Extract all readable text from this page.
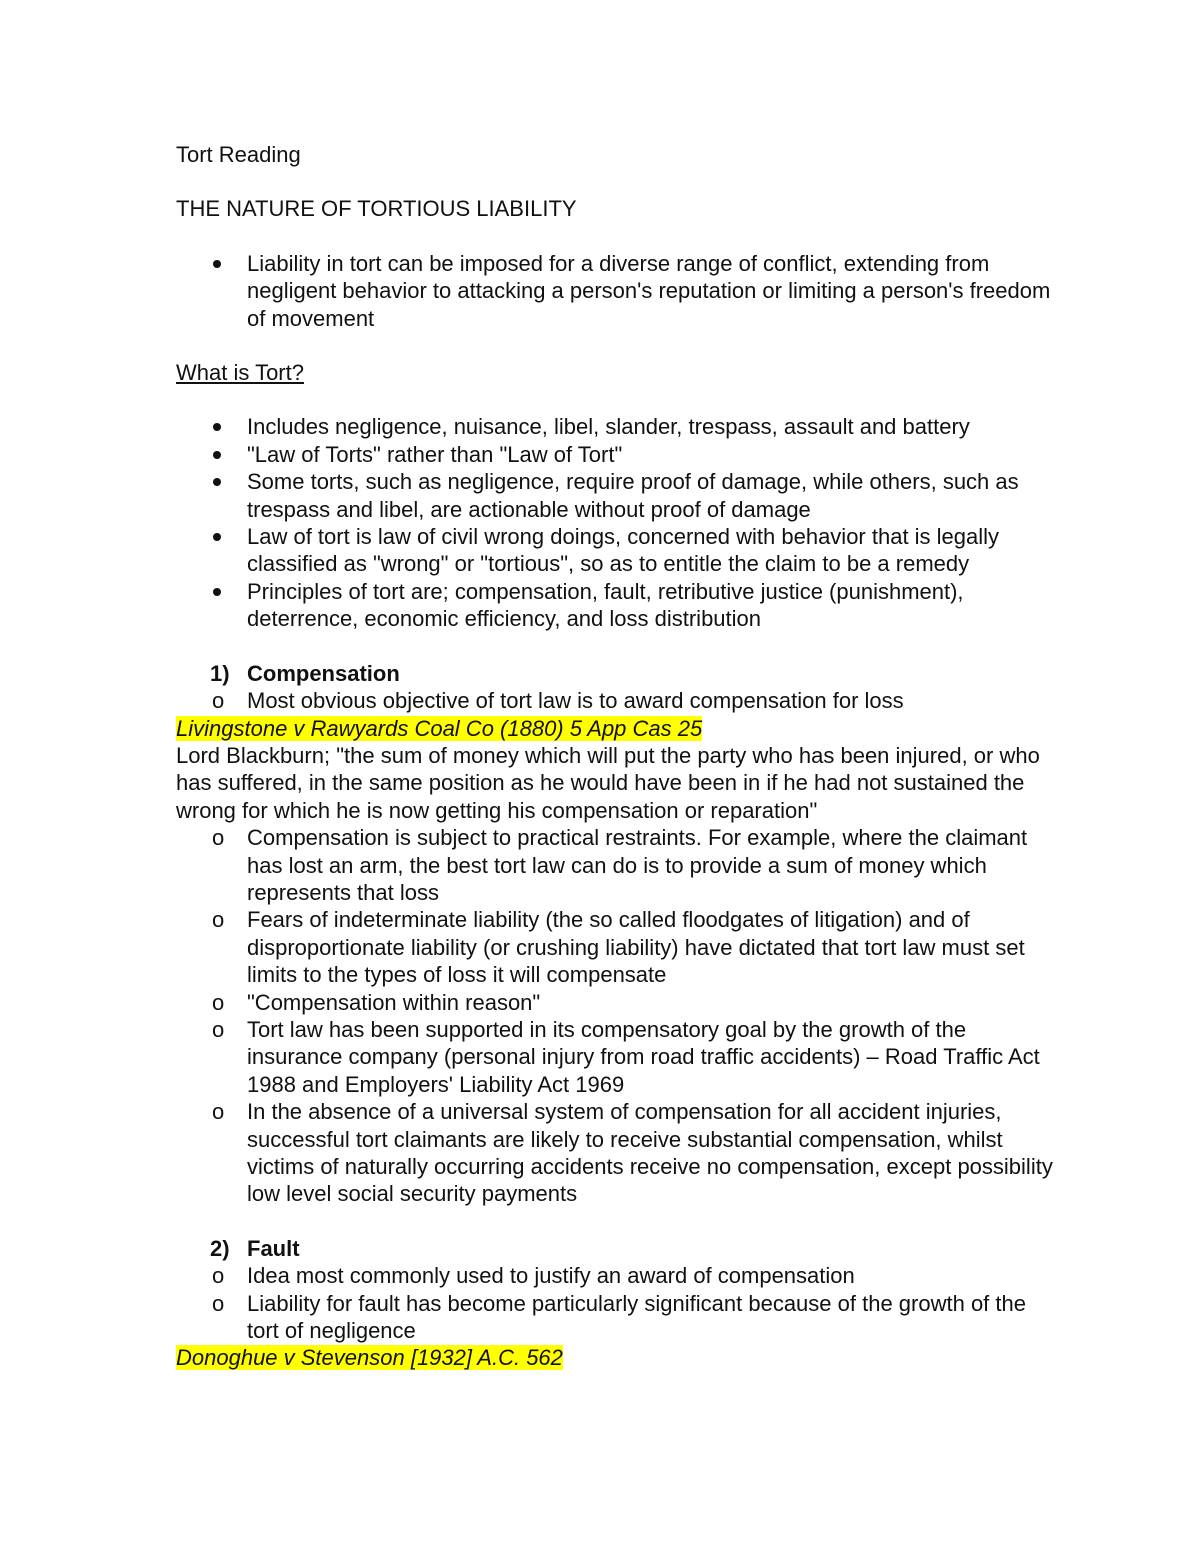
Tort Reading

THE NATURE OF TORTIOUS LIABILITY

Liability in tort can be imposed for a diverse range of conflict, extending from negligent behavior to attacking a person's reputation or limiting a person's freedom of movement

What is Tort?

Includes negligence, nuisance, libel, slander, trespass, assault and battery
"Law of Torts" rather than "Law of Tort"
Some torts, such as negligence, require proof of damage, while others, such as trespass and libel, are actionable without proof of damage
Law of tort is law of civil wrong doings, concerned with behavior that is legally classified as "wrong" or "tortious", so as to entitle the claim to be a remedy
Principles of tort are; compensation, fault, retributive justice (punishment), deterrence, economic efficiency, and loss distribution
1) Compensation
o Most obvious objective of tort law is to award compensation for loss

Livingstone v Rawyards Coal Co (1880) 5 App Cas 25

Lord Blackburn; "the sum of money which will put the party who has been injured, or who has suffered, in the same position as he would have been in if he had not sustained the wrong for which he is now getting his compensation or reparation"

o Compensation is subject to practical restraints. For example, where the claimant has lost an arm, the best tort law can do is to provide a sum of money which represents that loss
o Fears of indeterminate liability (the so called floodgates of litigation) and of disproportionate liability (or crushing liability) have dictated that tort law must set limits to the types of loss it will compensate
o "Compensation within reason"
o Tort law has been supported in its compensatory goal by the growth of the insurance company (personal injury from road traffic accidents) – Road Traffic Act 1988 and Employers' Liability Act 1969
o In the absence of a universal system of compensation for all accident injuries, successful tort claimants are likely to receive substantial compensation, whilst victims of naturally occurring accidents receive no compensation, except possibility low level social security payments
2) Fault
o Idea most commonly used to justify an award of compensation
o Liability for fault has become particularly significant because of the growth of the tort of negligence

Donoghue v Stevenson [1932] A.C. 562
